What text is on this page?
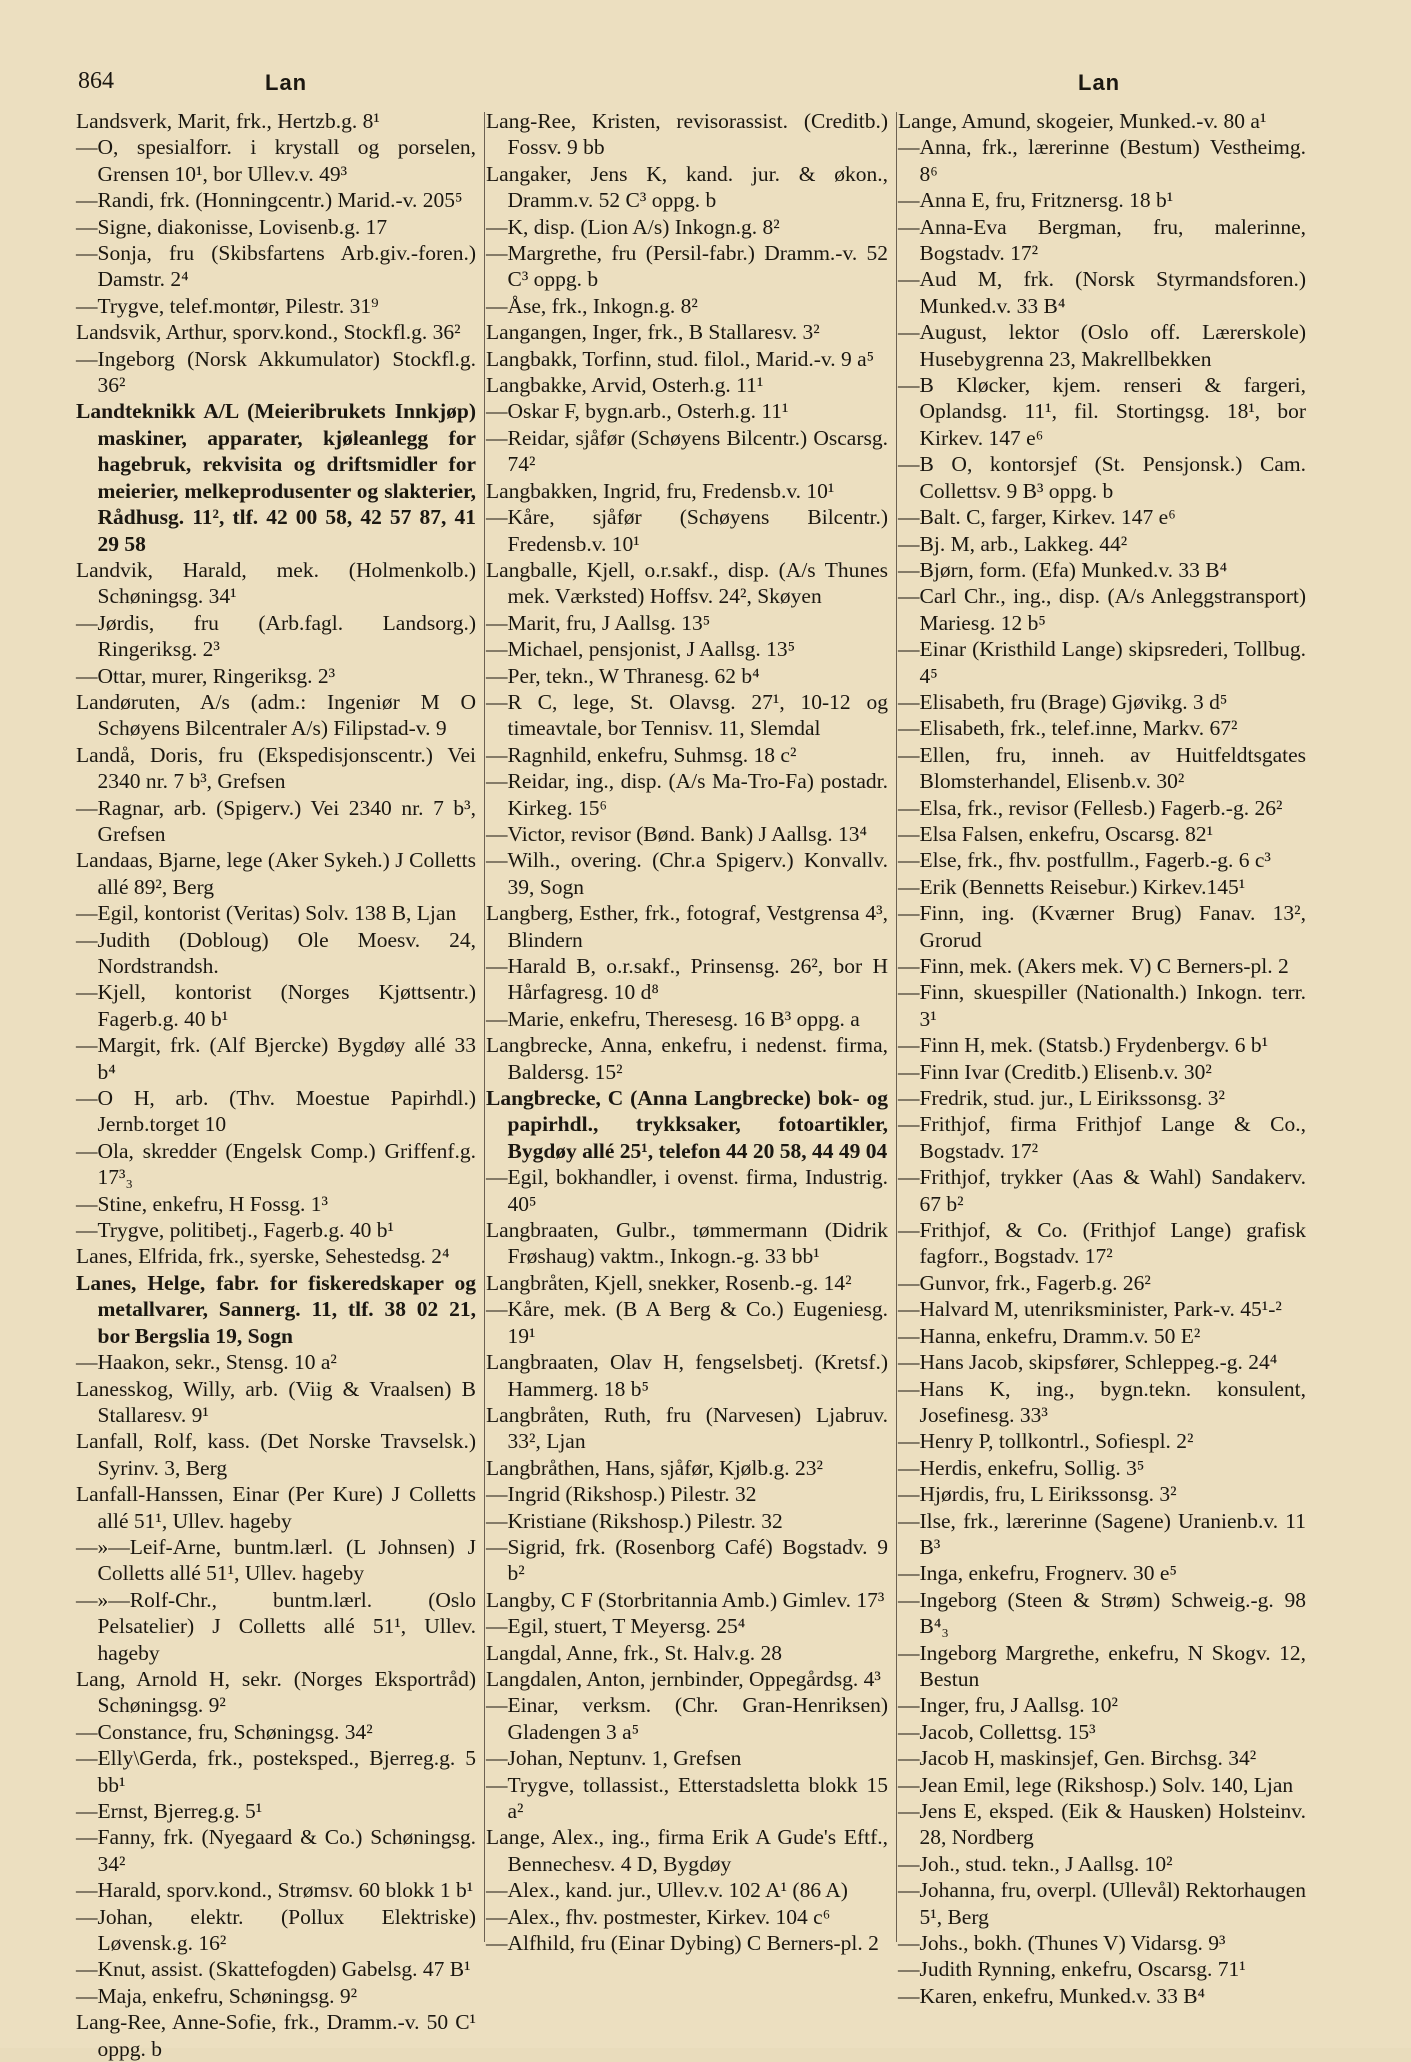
864	Lan	Lan

Landsverk, Marit, frk., Hertzb.g. 8¹

—O, spesialforr. i krystall og porselen, Grensen 10¹, bor Ullev.v. 49³

—Randi, frk. (Honningcentr.) Marid.-v. 205⁵

—Signe, diakonisse, Lovisenb.g. 17

—Sonja, fru (Skibsfartens Arb.giv.-foren.) Damstr. 2⁴

—Trygve, telef.montør, Pilestr. 31⁹

Landsvik, Arthur, sporv.kond., Stockfl.g. 36²

—Ingeborg (Norsk Akkumulator) Stockfl.g. 36²

Landteknikk A/L (Meieribrukets Innkjøp) maskiner, apparater, kjøleanlegg for hagebruk, rekvisita og driftsmidler for meierier, melkeprodusenter og slakterier, Rådhusg. 11², tlf. 42 00 58, 42 57 87, 41 29 58

Landvik, Harald, mek. (Holmenkolb.) Schøningsg. 34¹

—Jørdis, fru (Arb.fagl. Landsorg.) Ringeriksg. 2³

—Ottar, murer, Ringeriksg. 2³

Landøruten, A/s (adm.: Ingeniør M O Schøyens Bilcentraler A/s) Filipstad-v. 9

Landå, Doris, fru (Ekspedisjonscentr.) Vei 2340 nr. 7 b³, Grefsen

—Ragnar, arb. (Spigerv.) Vei 2340 nr. 7 b³, Grefsen

Landaas, Bjarne, lege (Aker Sykeh.) J Colletts allé 89², Berg

—Egil, kontorist (Veritas) Solv. 138 B, Ljan

—Judith (Dobloug) Ole Moesv. 24, Nordstrandsh.

—Kjell, kontorist (Norges Kjøttsentr.) Fagerb.g. 40 b¹

—Margit, frk. (Alf Bjercke) Bygdøy allé 33 b⁴

—O H, arb. (Thv. Moestue Papirhdl.) Jernb.torget 10

—Ola, skredder (Engelsk Comp.) Griffenf.g. 17³₃

—Stine, enkefru, H Fossg. 1³

—Trygve, politibetj., Fagerb.g. 40 b¹

Lanes, Elfrida, frk., syerske, Sehestedsg. 2⁴

Lanes, Helge, fabr. for fiskeredskaper og metallvarer, Sannerg. 11, tlf. 38 02 21, bor Bergslia 19, Sogn

—Haakon, sekr., Stensg. 10 a²

Lanesskog, Willy, arb. (Viig & Vraalsen) B Stallaresv. 9¹

Lanfall, Rolf, kass. (Det Norske Travselsk.) Syrinv. 3, Berg

Lanfall-Hanssen, Einar (Per Kure) J Colletts allé 51¹, Ullev. hageby

—»—Leif-Arne, buntm.lærl. (L Johnsen) J Colletts allé 51¹, Ullev. hageby

—»—Rolf-Chr., buntm.lærl. (Oslo Pelsatelier) J Colletts allé 51¹, Ullev. hageby

Lang, Arnold H, sekr. (Norges Eksportråd) Schøningsg. 9²

—Constance, fru, Schøningsg. 34²

—Elly\Gerda, frk., posteksped., Bjerreg.g. 5 bb¹

—Ernst, Bjerreg.g. 5¹

—Fanny, frk. (Nyegaard & Co.) Schøningsg. 34²

—Harald, sporv.kond., Strømsv. 60 blokk 1 b¹

—Johan, elektr. (Pollux Elektriske) Løvensk.g. 16²

—Knut, assist. (Skattefogden) Gabelsg. 47 B¹

—Maja, enkefru, Schøningsg. 9²

Lang-Ree, Anne-Sofie, frk., Dramm.-v. 50 C¹ oppg. b

Lang-Ree, Kristen, revisorassist. (Creditb.) Fossv. 9 bb

Langaker, Jens K, kand. jur. & økon., Dramm.v. 52 C³ oppg. b

—K, disp. (Lion A/s) Inkogn.g. 8²

—Margrethe, fru (Persil-fabr.) Dramm.-v. 52 C³ oppg. b

—Åse, frk., Inkogn.g. 8²

Langangen, Inger, frk., B Stallaresv. 3²

Langbakk, Torfinn, stud. filol., Marid.-v. 9 a⁵

Langbakke, Arvid, Osterh.g. 11¹

—Oskar F, bygn.arb., Osterh.g. 11¹

—Reidar, sjåfør (Schøyens Bilcentr.) Oscarsg. 74²

Langbakken, Ingrid, fru, Fredensb.v. 10¹

—Kåre, sjåfør (Schøyens Bilcentr.) Fredensb.v. 10¹

Langballe, Kjell, o.r.sakf., disp. (A/s Thunes mek. Værksted) Hoffsv. 24², Skøyen

—Marit, fru, J Aallsg. 13⁵

—Michael, pensjonist, J Aallsg. 13⁵

—Per, tekn., W Thranesg. 62 b⁴

—R C, lege, St. Olavsg. 27¹, 10-12 og timeavtale, bor Tennisv. 11, Slemdal

—Ragnhild, enkefru, Suhmsg. 18 c²

—Reidar, ing., disp. (A/s Ma-Tro-Fa) postadr. Kirkeg. 15⁶

—Victor, revisor (Bønd. Bank) J Aallsg. 13⁴

—Wilh., overing. (Chr.a Spigerv.) Konvallv. 39, Sogn

Langberg, Esther, frk., fotograf, Vestgrensa 4³, Blindern

—Harald B, o.r.sakf., Prinsensg. 26², bor H Hårfagresg. 10 d⁸

—Marie, enkefru, Theresesg. 16 B³ oppg. a

Langbrecke, Anna, enkefru, i nedenst. firma, Baldersg. 15²

Langbrecke, C (Anna Langbrecke) bok- og papirhdl., trykksaker, fotoartikler, Bygdøy allé 25¹, telefon 44 20 58, 44 49 04

—Egil, bokhandler, i ovenst. firma, Industrig. 40⁵

Langbraaten, Gulbr., tømmermann (Didrik Frøshaug) vaktm., Inkogn.-g. 33 bb¹

Langbråten, Kjell, snekker, Rosenb.-g. 14²

—Kåre, mek. (B A Berg & Co.) Eugeniesg. 19¹

Langbraaten, Olav H, fengselsbetj. (Kretsf.) Hammerg. 18 b⁵

Langbråten, Ruth, fru (Narvesen) Ljabruv. 33², Ljan

Langbråthen, Hans, sjåfør, Kjølb.g. 23²

—Ingrid (Rikshosp.) Pilestr. 32

—Kristiane (Rikshosp.) Pilestr. 32

—Sigrid, frk. (Rosenborg Café) Bogstadv. 9 b²

Langby, C F (Storbritannia Amb.) Gimlev. 17³

—Egil, stuert, T Meyersg. 25⁴

Langdal, Anne, frk., St. Halv.g. 28

Langdalen, Anton, jernbinder, Oppegårdsg. 4³

—Einar, verksm. (Chr. Gran-Henriksen) Gladengen 3 a⁵

—Johan, Neptunv. 1, Grefsen

—Trygve, tollassist., Etterstadsletta blokk 15 a²

Lange, Alex., ing., firma Erik A Gude's Eftf., Bennechesv. 4 D, Bygdøy

—Alex., kand. jur., Ullev.v. 102 A¹ (86 A)

—Alex., fhv. postmester, Kirkev. 104 c⁶

—Alfhild, fru (Einar Dybing) C Berners-pl. 2

Lange, Amund, skogeier, Munked.-v. 80 a¹

—Anna, frk., lærerinne (Bestum) Vestheimg. 8⁶

—Anna E, fru, Fritznersg. 18 b¹

—Anna-Eva Bergman, fru, malerinne, Bogstadv. 17²

—Aud M, frk. (Norsk Styrmandsforen.) Munked.v. 33 B⁴

—August, lektor (Oslo off. Lærerskole) Husebygrenna 23, Makrellbekken

—B Kløcker, kjem. renseri & fargeri, Oplandsg. 11¹, fil. Stortingsg. 18¹, bor Kirkev. 147 e⁶

—B O, kontorsjef (St. Pensjonsk.) Cam. Collettsv. 9 B³ oppg. b

—Balt. C, farger, Kirkev. 147 e⁶

—Bj. M, arb., Lakkeg. 44²

—Bjørn, form. (Efa) Munked.v. 33 B⁴

—Carl Chr., ing., disp. (A/s Anleggstransport) Mariesg. 12 b⁵

—Einar (Kristhild Lange) skipsrederi, Tollbug. 4⁵

—Elisabeth, fru (Brage) Gjøvikg. 3 d⁵

—Elisabeth, frk., telef.inne, Markv. 67²

—Ellen, fru, inneh. av Huitfeldtsgates Blomsterhandel, Elisenb.v. 30²

—Elsa, frk., revisor (Fellesb.) Fagerb.-g. 26²

—Elsa Falsen, enkefru, Oscarsg. 82¹

—Else, frk., fhv. postfullm., Fagerb.-g. 6 c³

—Erik (Bennetts Reisebur.) Kirkev.145¹

—Finn, ing. (Kværner Brug) Fanav. 13², Grorud

—Finn, mek. (Akers mek. V) C Berners-pl. 2

—Finn, skuespiller (Nationalth.) Inkogn. terr. 3¹

—Finn H, mek. (Statsb.) Frydenbergv. 6 b¹

—Finn Ivar (Creditb.) Elisenb.v. 30²

—Fredrik, stud. jur., L Eirikssonsg. 3²

—Frithjof, firma Frithjof Lange & Co., Bogstadv. 17²

—Frithjof, trykker (Aas & Wahl) Sandakerv. 67 b²

—Frithjof, & Co. (Frithjof Lange) grafisk fagforr., Bogstadv. 17²

—Gunvor, frk., Fagerb.g. 26²

—Halvard M, utenriksminister, Park-v. 45¹-²

—Hanna, enkefru, Dramm.v. 50 E²

—Hans Jacob, skipsfører, Schleppeg.-g. 24⁴

—Hans K, ing., bygn.tekn. konsulent, Josefinesg. 33³

—Henry P, tollkontrl., Sofiespl. 2²

—Herdis, enkefru, Sollig. 3⁵

—Hjørdis, fru, L Eirikssonsg. 3²

—Ilse, frk., lærerinne (Sagene) Uranienb.v. 11 B³

—Inga, enkefru, Frognerv. 30 e⁵

—Ingeborg (Steen & Strøm) Schweig.-g. 98 B⁴₃

—Ingeborg Margrethe, enkefru, N Skogv. 12, Bestun

—Inger, fru, J Aallsg. 10²

—Jacob, Collettsg. 15³

—Jacob H, maskinsjef, Gen. Birchsg. 34²

—Jean Emil, lege (Rikshosp.) Solv. 140, Ljan

—Jens E, eksped. (Eik & Hausken) Holsteinv. 28, Nordberg

—Joh., stud. tekn., J Aallsg. 10²

—Johanna, fru, overpl. (Ullevål) Rektorhaugen 5¹, Berg

—Johs., bokh. (Thunes V) Vidarsg. 9³

—Judith Rynning, enkefru, Oscarsg. 71¹

—Karen, enkefru, Munked.v. 33 B⁴
